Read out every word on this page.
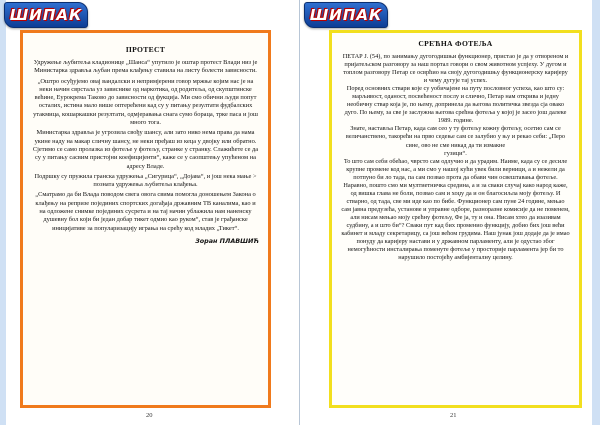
ШИПАК
ПРОТЕСТ

Удружење љубитеља кладионице „Шанса“ упутило је оштар протест Влади низ је Министарка здравља љубан према клађењу ставила на листу болести зависности.

„Оштро осуђујемо овај вандалски и непримјерени говор мржње којим нас је на неки начин сврстала уз зависнике од наркотика, од родитеља, од скупштинске већине, Еурокрема Таково до зависности од фукција. Ми смо обични људи попут осталих, истина мало више оптерећени кад су у питању резултати фудбалских утакмица, кошаркашки резултати, одмјеравања снага сумо бораца, трке паса и још много тога.

Министарка здравља је угрозила свођу шансу, али зато нико нема права да нама укине наду на макар сличну шансу, не неки пређаш из кеца у двојку или обратно. Сјетимо се само пролазка из фотеље у фотељу, странке у странку. Слажићете се да су у питању сасвим пристојни коефицијенти“, каже се у саопштењу упућеном на адресу Владе.

Подршку су пружила гранска удружења „Сигурица“, „Дојава“, и још нека мање > позната удружења љубитеља клађења.

„Сматрамо да би Влада поводом свега овога свима помогла доношењем Закона о клађењу на репризе појединих спортских догађаја државним ТВ каналима, као и на одложене снимке појединих сусрета и на тај начин ублажила нам наненску душевну бол који би један добар тикет одмио као руком“, став је грађанске иницијативе за популаризацију играња на срећу код младих „Тикет“.

Зоран ПЛАВШИЋ
20
ШИПАК
СРЕЋНА ФОТЕЉА

ПЕТАР Ј. (54), по занимању дугогодишњи функционер, пристао је да у отвореном и пријатељском разговору за наш портал говори о свом животном успјеху. У дугом и топлом разговору Петар се осврћио на своју дугогодишњу функционерску каријеру и чему дугује тај успех.

Поред основних ствари које су уобичајене на путу пословног успеха, као што су: марљивост, оданост, посвећеност послу и слично, Петар нам открива и једну необичну ствар која је, по њему, допринела да његова политичка звезда сја овако дуго. По њему, за све је заслужна његова срећна фотеља у којој је засео још далеке 1989. године.

Знате, наставља Петар, када сам сео у ту фотељу кожну фотељу, осетио сам се величанствено, такорећи на прво седење сам се залубио у њу и рекао себи: „Перо сине, ово не сме никад да ти измакне

гузици“.

То што сам себи обећао, чврсто сам одлучио и да урадим. Наиме, када су се десиле крупне промене код нас, а ми смо у нашој кући увек били верници, а и нежели да потпуно би ло тада, па сам позвао прота да обави чин освештавања фотеље. Наравно, пошто смо ми мултиетничка средина, а и за сваки случај како народ каже, од вишка глава не боли, позвао сам и хоџу да и он благосиљла моју фотељу. И стварно, од тада, све ми иде као по бибе. Функционер сам пуне 24 године, мењао сам јавна предузећа, установе и управне одборе, разноразне комисије да не поменем, али нисам мењао моју срећну фотељу, Фе ја, ту и она. Нисам хтео да изазивам судбину, а и што би“? Сваки пут кад бих променио функцију, добио бих још већи кабинет и младу секретарицу, са још већом грудима. Наш јунак још додаје да је имао понуду да каријеру настави и у државном парламенту, али је одустао због немогућности инсталирања поменуте фотеље у просторије парламента јер би то нарушило постојећу амбијенталну целину.

21
